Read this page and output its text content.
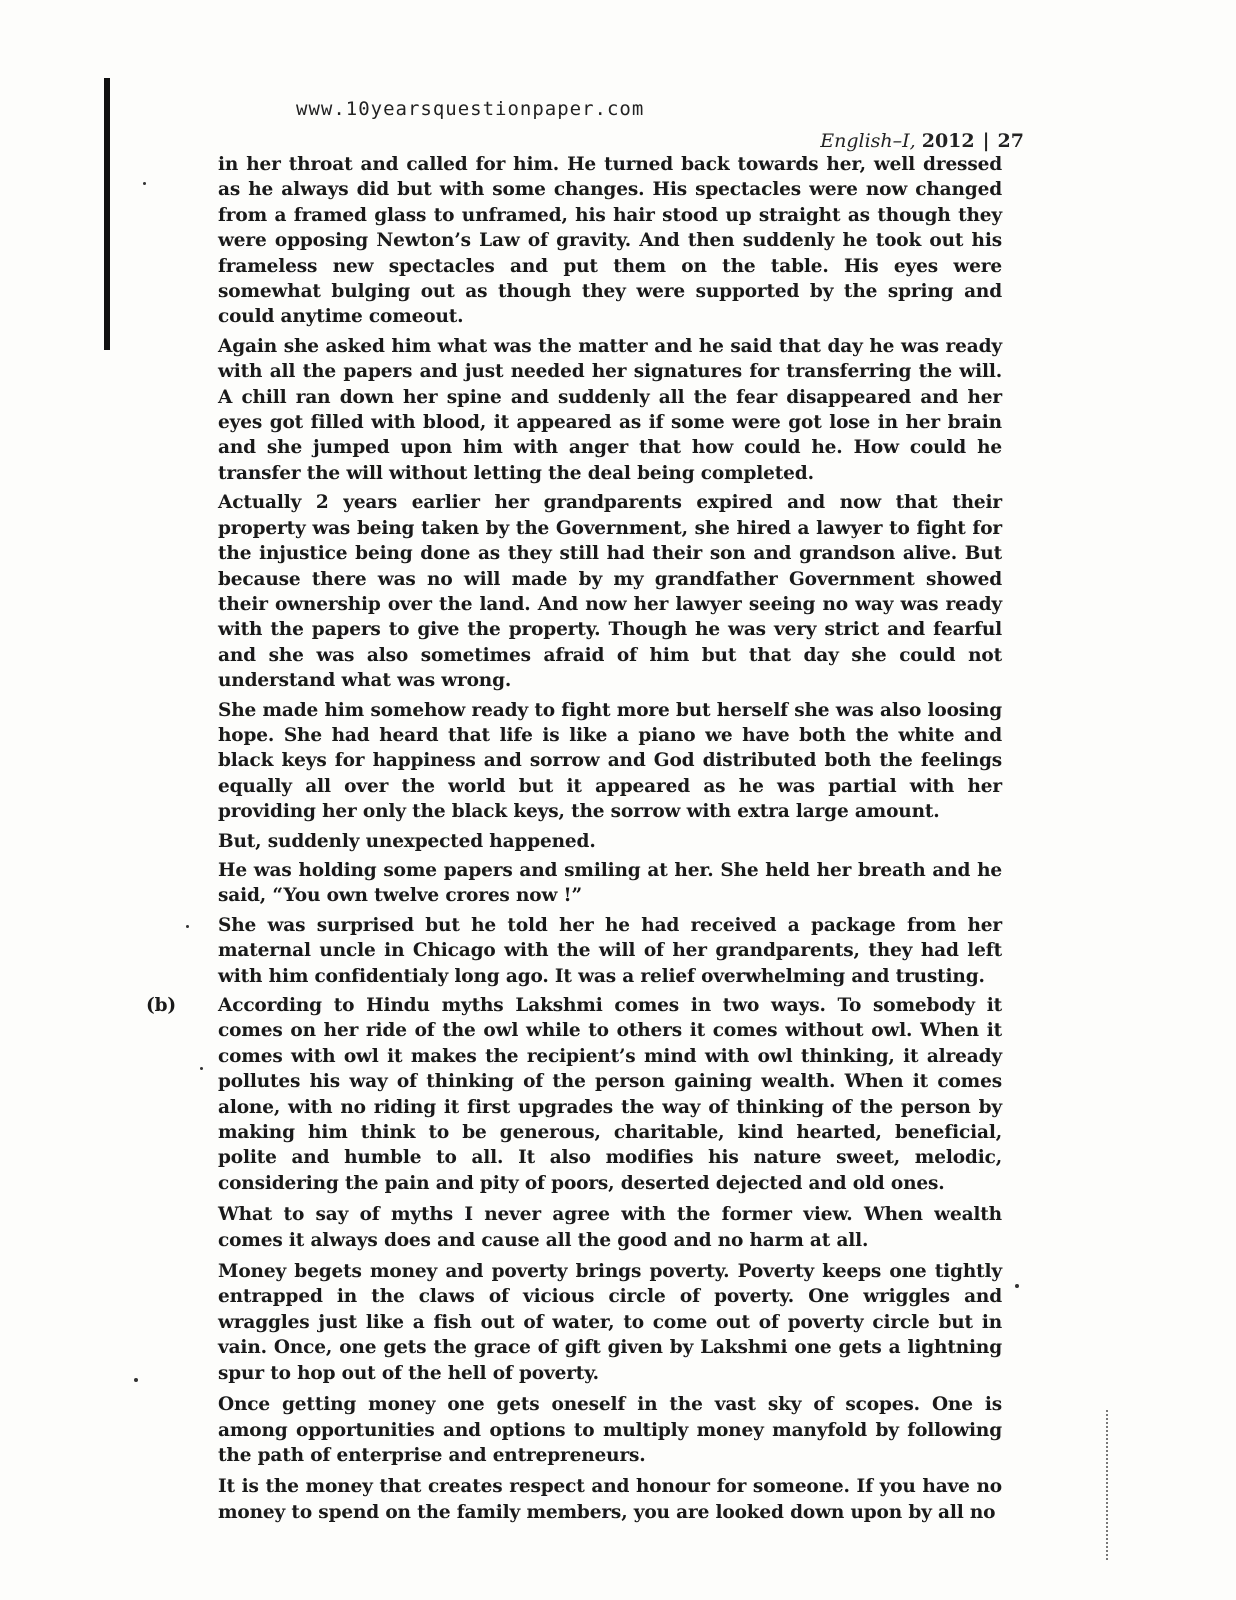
www.10yearsquestionpaper.com
English–I, 2012 | 27

in her throat and called for him. He turned back towards her, well dressed as he always did but with some changes. His spectacles were now changed from a framed glass to unframed, his hair stood up straight as though they were opposing Newton’s Law of gravity. And then suddenly he took out his frameless new spectacles and put them on the table. His eyes were somewhat bulging out as though they were supported by the spring and could anytime comeout.

Again she asked him what was the matter and he said that day he was ready with all the papers and just needed her signatures for transferring the will. A chill ran down her spine and suddenly all the fear disappeared and her eyes got filled with blood, it appeared as if some were got lose in her brain and she jumped upon him with anger that how could he. How could he transfer the will without letting the deal being completed.

Actually 2 years earlier her grandparents expired and now that their property was being taken by the Government, she hired a lawyer to fight for the injustice being done as they still had their son and grandson alive. But because there was no will made by my grandfather Government showed their ownership over the land. And now her lawyer seeing no way was ready with the papers to give the property. Though he was very strict and fearful and she was also sometimes afraid of him but that day she could not understand what was wrong.

She made him somehow ready to fight more but herself she was also loosing hope. She had heard that life is like a piano we have both the white and black keys for happiness and sorrow and God distributed both the feelings equally all over the world but it appeared as he was partial with her providing her only the black keys, the sorrow with extra large amount.

But, suddenly unexpected happened.

He was holding some papers and smiling at her. She held her breath and he said, “You own twelve crores now !”

She was surprised but he told her he had received a package from her maternal uncle in Chicago with the will of her grandparents, they had left with him confidentialy long ago. It was a relief overwhelming and trusting.

(b) According to Hindu myths Lakshmi comes in two ways. To somebody it comes on her ride of the owl while to others it comes without owl. When it comes with owl it makes the recipient’s mind with owl thinking, it already pollutes his way of thinking of the person gaining wealth. When it comes alone, with no riding it first upgrades the way of thinking of the person by making him think to be generous, charitable, kind hearted, beneficial, polite and humble to all. It also modifies his nature sweet, melodic, considering the pain and pity of poors, deserted dejected and old ones.

What to say of myths I never agree with the former view. When wealth comes it always does and cause all the good and no harm at all.

Money begets money and poverty brings poverty. Poverty keeps one tightly entrapped in the claws of vicious circle of poverty. One wriggles and wraggles just like a fish out of water, to come out of poverty circle but in vain. Once, one gets the grace of gift given by Lakshmi one gets a lightning spur to hop out of the hell of poverty.

Once getting money one gets oneself in the vast sky of scopes. One is among opportunities and options to multiply money manyfold by following the path of enterprise and entrepreneurs.

It is the money that creates respect and honour for someone. If you have no money to spend on the family members, you are looked down upon by all no
